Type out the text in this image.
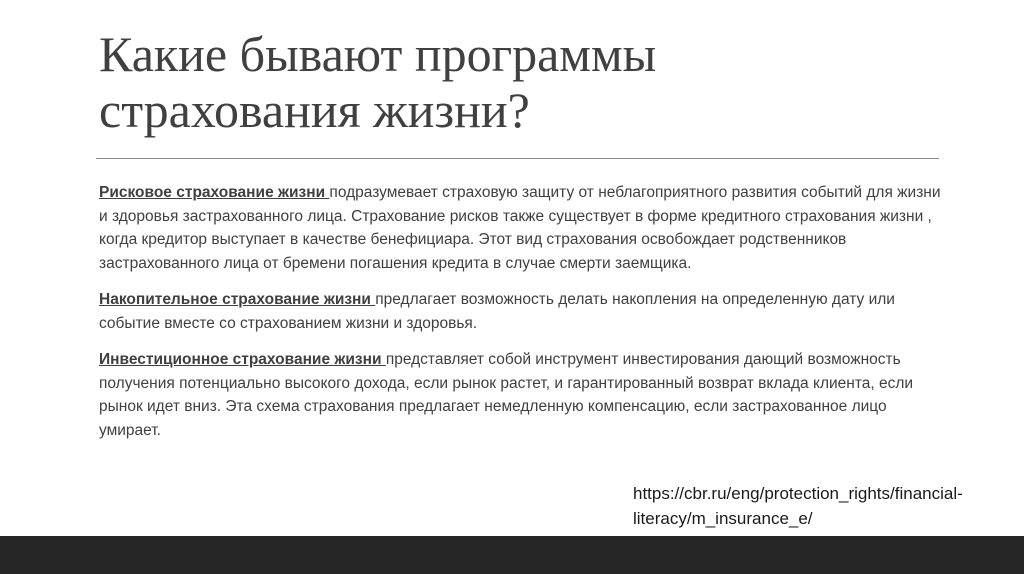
Какие бывают программы
страхования жизни?

Рисковое страхование жизни подразумевает страховую защиту от неблагоприятного развития событий для жизни и здоровья застрахованного лица. Страхование рисков также существует в форме кредитного страхования жизни , когда кредитор выступает в качестве бенефициара. Этот вид страхования освобождает родственников застрахованного лица от бремени погашения кредита в случае смерти заемщика.

Накопительное страхование жизни предлагает возможность делать накопления на определенную дату или событие вместе со страхованием жизни и здоровья.

Инвестиционное страхование жизни представляет собой инструмент инвестирования дающий возможность получения потенциально высокого дохода, если рынок растет, и гарантированный возврат вклада клиента, если рынок идет вниз. Эта схема страхования предлагает немедленную компенсацию, если застрахованное лицо умирает.

https://cbr.ru/eng/protection_rights/financial-literacy/m_insurance_e/
